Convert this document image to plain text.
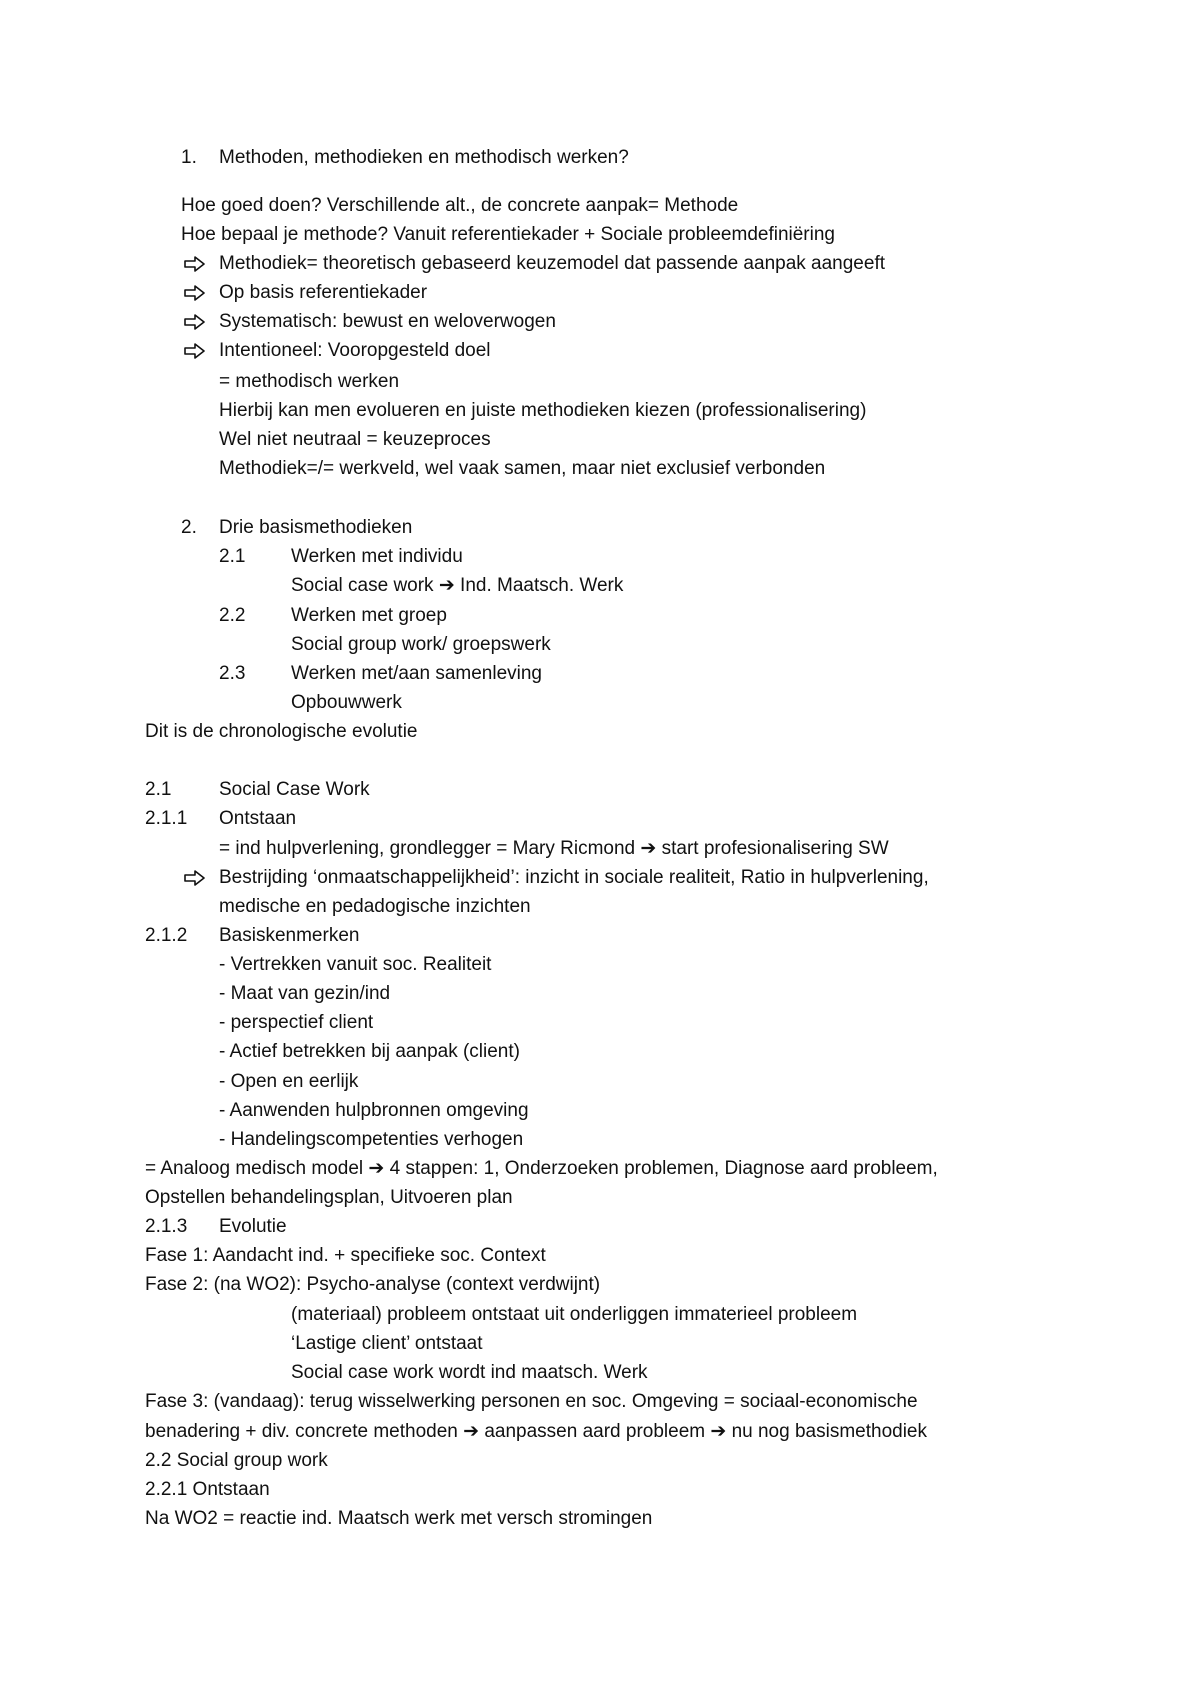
1. Methoden, methodieken en methodisch werken?
Hoe goed doen? Verschillende alt., de concrete aanpak= Methode
Hoe bepaal je methode? Vanuit referentiekader + Sociale probleemdefiniëring
Methodiek= theoretisch gebaseerd keuzemodel dat passende aanpak aangeeft
Op basis referentiekader
Systematisch: bewust en weloverwogen
Intentioneel: Vooropgesteld doel
= methodisch werken
Hierbij kan men evolueren en juiste methodieken kiezen (professionalisering)
Wel niet neutraal = keuzeproces
Methodiek=/= werkveld, wel vaak samen, maar niet exclusief verbonden
2. Drie basismethodieken
2.1 Werken met individu
Social case work ➔ Ind. Maatsch. Werk
2.2 Werken met groep
Social group work/ groepswerk
2.3 Werken met/aan samenleving
Opbouwwerk
Dit is de chronologische evolutie
2.1	Social Case Work
2.1.1 Ontstaan
= ind hulpverlening, grondlegger = Mary Ricmond ➔ start profesionalisering SW
Bestrijding ‘onmaatschappelijkheid’: inzicht in sociale realiteit, Ratio in hulpverlening,
medische en pedadogische inzichten
2.1.2 Basiskenmerken
- Vertrekken vanuit soc. Realiteit
- Maat van gezin/ind
- perspectief client
- Actief betrekken bij aanpak (client)
- Open en eerlijk
- Aanwenden hulpbronnen omgeving
- Handelingscompetenties verhogen
= Analoog medisch model ➔ 4 stappen: 1, Onderzoeken problemen, Diagnose aard probleem,
Opstellen behandelingsplan, Uitvoeren plan
2.1.3 Evolutie
Fase 1: Aandacht ind. + specifieke soc. Context
Fase 2: (na WO2): Psycho-analyse (context verdwijnt)
(materiaal) probleem ontstaat uit onderliggen immaterieel probleem
‘Lastige client’ ontstaat
Social case work wordt ind maatsch. Werk
Fase 3: (vandaag): terug wisselwerking personen en soc. Omgeving = sociaal-economische
benadering + div. concrete methoden ➔ aanpassen aard probleem ➔ nu nog basismethodiek
2.2 Social group work
2.2.1 Ontstaan
Na WO2 = reactie ind. Maatsch werk met versch stromingen
